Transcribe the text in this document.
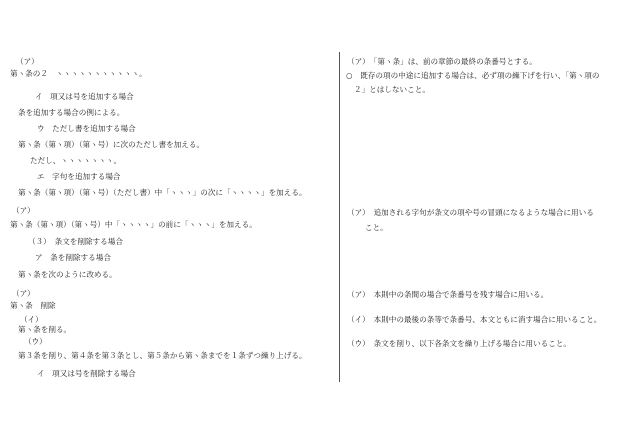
（ア）

第ヽ条の２　ヽヽヽヽヽヽヽヽヽヽヽ。

イ　項又は号を追加する場合

条を追加する場合の例による。

ウ　ただし書を追加する場合

第ヽ条（第ヽ項）（第ヽ号）に次のただし書を加える。

ただし、ヽヽヽヽヽヽヽ。

エ　字句を追加する場合

第ヽ条（第ヽ項）（第ヽ号）（ただし書）中「ヽヽヽ」の次に「ヽヽヽヽ」を加える。

（ア）

第ヽ条（第ヽ項）（第ヽ号）中「ヽヽヽヽ」の前に「ヽヽヽ」を加える。

（３）　条文を削除する場合

ア　条を削除する場合

第ヽ条を次のように改める。

（ア）

第ヽ条　削除

（イ）

第ヽ条を削る。

（ウ）

第３条を削り、第４条を第３条とし、第５条から第ヽ条までを１条ずつ繰り上げる。

イ　項又は号を削除する場合

（ア）　「第ヽ条」は、前の章節の最終の条番号とする。

○　既存の項の中途に追加する場合は、必ず項の繰下げを行い、「第ヽ項の

２」とはしないこと。

（ア）　追加される字句が条文の項や号の冒頭になるような場合に用いる

こと。

（ア）　本則中の条間の場合で条番号を残す場合に用いる。

（イ）　本則中の最後の条等で条番号、本文ともに消す場合に用いること。

（ウ）　条文を削り、以下各条文を繰り上げる場合に用いること。
